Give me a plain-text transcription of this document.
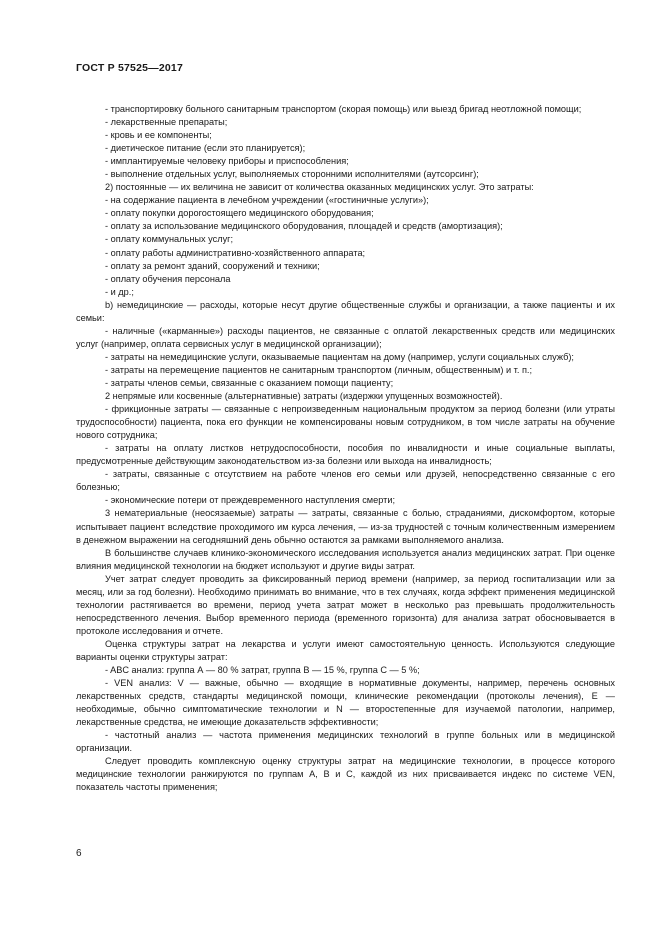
ГОСТ Р 57525—2017

- транспортировку больного санитарным транспортом (скорая помощь) или выезд бригад неотложной помощи;

- лекарственные препараты;

- кровь и ее компоненты;

- диетическое питание (если это планируется);

- имплантируемые человеку приборы и приспособления;

- выполнение отдельных услуг, выполняемых сторонними исполнителями (аутсорсинг);

2) постоянные — их величина не зависит от количества оказанных медицинских услуг. Это затраты:

- на содержание пациента в лечебном учреждении («гостиничные услуги»);

- оплату покупки дорогостоящего медицинского оборудования;

- оплату за использование медицинского оборудования, площадей и средств (амортизация);

- оплату коммунальных услуг;

- оплату работы административно-хозяйственного аппарата;

- оплату за ремонт зданий, сооружений и техники;

- оплату обучения персонала

- и др.;

b) немедицинские — расходы, которые несут другие общественные службы и организации, а также пациенты и их семьи:

- наличные («карманные») расходы пациентов, не связанные с оплатой лекарственных средств или медицинских услуг (например, оплата сервисных услуг в медицинской организации);

- затраты на немедицинские услуги, оказываемые пациентам на дому (например, услуги социальных служб);

- затраты на перемещение пациентов не санитарным транспортом (личным, общественным) и т. п.;

- затраты членов семьи, связанные с оказанием помощи пациенту;

2 непрямые или косвенные (альтернативные) затраты (издержки упущенных возможностей).

- фрикционные затраты — связанные с непроизведенным национальным продуктом за период болезни (или утраты трудоспособности) пациента, пока его функции не компенсированы новым сотрудником, в том числе затраты на обучение нового сотрудника;

- затраты на оплату листков нетрудоспособности, пособия по инвалидности и иные социальные выплаты, предусмотренные действующим законодательством из-за болезни или выхода на инвалидность;

- затраты, связанные с отсутствием на работе членов его семьи или друзей, непосредственно связанные с его болезнью;

- экономические потери от преждевременного наступления смерти;

3 нематериальные (неосязаемые) затраты — затраты, связанные с болью, страданиями, дискомфортом, которые испытывает пациент вследствие проходимого им курса лечения, — из-за трудностей с точным количественным измерением в денежном выражении на сегодняшний день обычно остаются за рамками выполняемого анализа.

В большинстве случаев клинико-экономического исследования используется анализ медицинских затрат. При оценке влияния медицинской технологии на бюджет используют и другие виды затрат.

Учет затрат следует проводить за фиксированный период времени (например, за период госпитализации или за месяц, или за год болезни). Необходимо принимать во внимание, что в тех случаях, когда эффект применения медицинской технологии растягивается во времени, период учета затрат может в несколько раз превышать продолжительность непосредственного лечения. Выбор временного периода (временного горизонта) для анализа затрат обосновывается в протоколе исследования и отчете.

Оценка структуры затрат на лекарства и услуги имеют самостоятельную ценность. Используются следующие варианты оценки структуры затрат:

- ABC анализ: группа А — 80 % затрат, группа В — 15 %, группа С — 5 %;

- VEN анализ: V — важные, обычно — входящие в нормативные документы, например, перечень основных лекарственных средств, стандарты медицинской помощи, клинические рекомендации (протоколы лечения), Е — необходимые, обычно симптоматические технологии и N — второстепенные для изучаемой патологии, например, лекарственные средства, не имеющие доказательств эффективности;

- частотный анализ — частота применения медицинских технологий в группе больных или в медицинской организации.

Следует проводить комплексную оценку структуры затрат на медицинские технологии, в процессе которого медицинские технологии ранжируются по группам А, В и С, каждой из них присваивается индекс по системе VEN, показатель частоты применения;

6
